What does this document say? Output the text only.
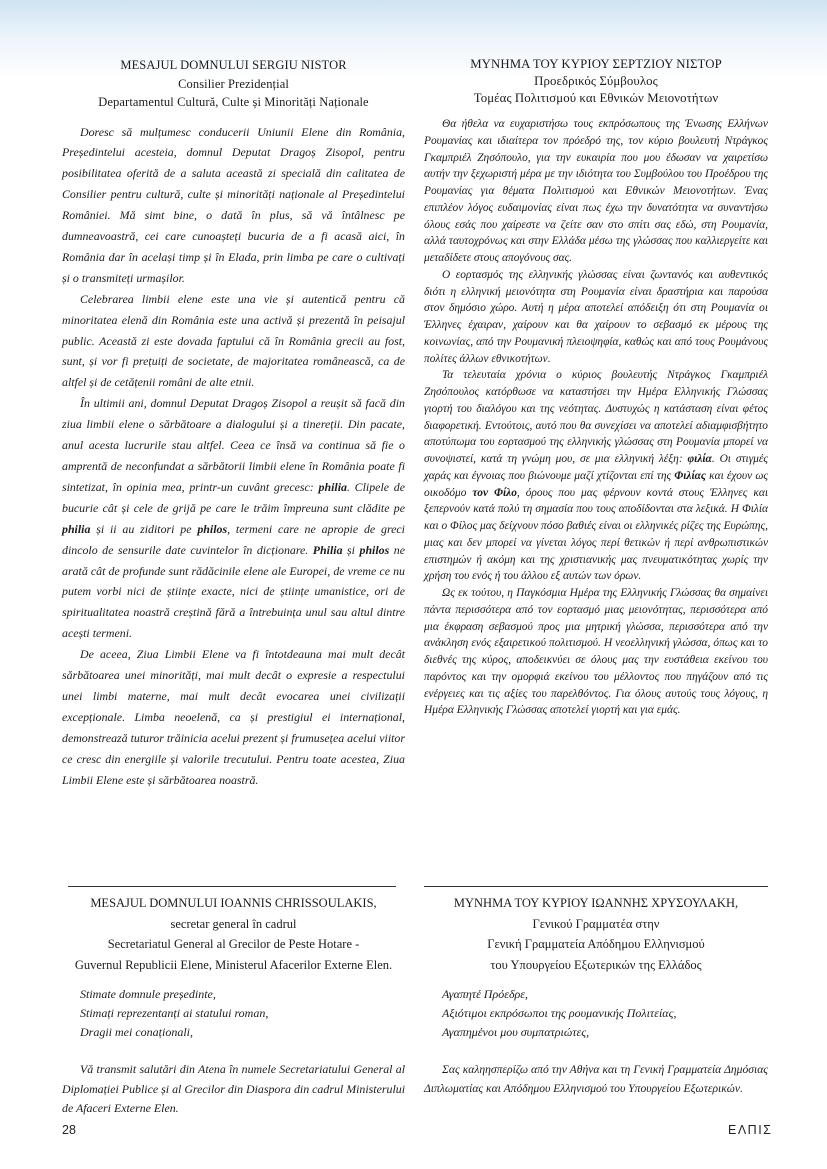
MESAJUL DOMNULUI SERGIU NISTOR
Consilier Prezidențial
Departamentul Cultură, Culte și Minorități Naționale

Doresc să mulțumesc conducerii Uniunii Elene din România, Președintelui acesteia, domnul Deputat Dragoș Zisopol, pentru posibilitatea oferită de a saluta această zi specială din calitatea de Consilier pentru cultură, culte și minorități naționale al Președintelui României. Mă simt bine, o dată în plus, să vă întâlnesc pe dumneavoastră, cei care cunoașteți bucuria de a fi acasă aici, în România dar în același timp și în Elada, prin limba pe care o cultivați și o transmiteți urmașilor.

Celebrarea limbii elene este una vie și autentică pentru că minoritatea elenă din România este una activă și prezentă în peisajul public. Această zi este dovada faptului că în România grecii au fost, sunt, și vor fi prețuiți de societate, de majoritatea românească, ca de altfel și de cetățenii români de alte etnii.

În ultimii ani, domnul Deputat Dragoș Zisopol a reușit să facă din ziua limbii elene o sărbătoare a dialogului și a tinereții. Din pacate, anul acesta lucrurile stau altfel. Ceea ce însă va continua să fie o amprentă de neconfundat a sărbătorii limbii elene în România poate fi sintetizat, în opinia mea, printr-un cuvânt grecesc: philia. Clipele de bucurie cât și cele de grijă pe care le trăim împreuna sunt clădite pe philia și ii au ziditori pe philos, termeni care ne apropie de greci dincolo de sensurile date cuvintelor în dicționare. Philia și philos ne arată cât de profunde sunt rădăcinile elene ale Europei, de vreme ce nu putem vorbi nici de științe exacte, nici de științe umanistice, ori de spiritualitatea noastră creștină fără a întrebuința unul sau altul dintre acești termeni.

De aceea, Ziua Limbii Elene va fi întotdeauna mai mult decât sărbătoarea unei minorități, mai mult decât o expresie a respectului unei limbi materne, mai mult decât evocarea unei civilizații excepționale. Limba neoelenă, ca și prestigiul ei internațional, demonstrează tuturor trăinicia acelui prezent și frumusețea acelui viitor ce cresc din energiile și valorile trecutului. Pentru toate acestea, Ziua Limbii Elene este și sărbătoarea noastră.

ΜΥΝΗΜΑ ΤΟΥ ΚΥΡΙΟΥ ΣΕΡΤΖΙΟΥ ΝΙΣΤΟΡ
Προεδρικός Σύμβουλος
Τομέας Πολιτισμού και Εθνικών Μειονοτήτων

Θα ήθελα να ευχαριστήσω τους εκπρόσωπους της Ένωσης Ελλήνων Ρουμανίας και ιδιαίτερα τον πρόεδρό της, τον κύριο βουλευτή Ντράγκος Γκαμπριέλ Ζησόπουλο, για την ευκαιρία που μου έδωσαν να χαιρετίσω αυτήν την ξεχωριστή μέρα με την ιδιότητα του Συμβούλου του Προέδρου της Ρουμανίας για θέματα Πολιτισμού και Εθνικών Μειονοτήτων. Ένας επιπλέον λόγος ευδαιμονίας είναι πως έχω την δυνατότητα να συναντήσω όλους εσάς που χαίρεστε να ζείτε σαν στο σπίτι σας εδώ, στη Ρουμανία, αλλά ταυτοχρόνως και στην Ελλάδα μέσω της γλώσσας που καλλιεργείτε και μεταδίδετε στους απογόνους σας.

Ο εορτασμός της ελληνικής γλώσσας είναι ζωντανός και αυθεντικός διότι η ελληνική μειονότητα στη Ρουμανία είναι δραστήρια και παρούσα στον δημόσιο χώρο. Αυτή η μέρα αποτελεί απόδειξη ότι στη Ρουμανία οι Έλληνες έχαιραν, χαίρουν και θα χαίρουν το σεβασμό εκ μέρους της κοινωνίας, από την Ρουμανική πλειοψηφία, καθώς και από τους Ρουμάνους πολίτες άλλων εθνικοτήτων.

Τα τελευταία χρόνια ο κύριος βουλευτής Ντράγκος Γκαμπριέλ Ζησόπουλος κατόρθωσε να καταστήσει την Ημέρα Ελληνικής Γλώσσας γιορτή του διαλόγου και της νεότητας. Δυστυχώς η κατάσταση είναι φέτος διαφορετική. Εντούτοις, αυτό που θα συνεχίσει να αποτελεί αδιαμφισβήτητο αποτύπωμα του εορτασμού της ελληνικής γλώσσας στη Ρουμανία μπορεί να συνοψιστεί, κατά τη γνώμη μου, σε μια ελληνική λέξη: φιλία. Οι στιγμές χαράς και έγνοιας που βιώνουμε μαζί χτίζονται επί της Φιλίας και έχουν ως οικοδόμο τον Φίλο, όρους που μας φέρνουν κοντά στους Έλληνες και ξεπερνούν κατά πολύ τη σημασία που τους αποδίδονται στα λεξικά. Η Φιλία και ο Φίλος μας δείχνουν πόσο βαθιές είναι οι ελληνικές ρίζες της Ευρώπης, μιας και δεν μπορεί να γίνεται λόγος περί θετικών ή περί ανθρωπιστικών επιστημών ή ακόμη και της χριστιανικής μας πνευματικότητας χωρίς την χρήση του ενός ή του άλλου εξ αυτών των όρων.

Ως εκ τούτου, η Παγκόσμια Ημέρα της Ελληνικής Γλώσσας θα σημαίνει πάντα περισσότερα από τον εορτασμό μιας μειονότητας, περισσότερα από μια έκφραση σεβασμού προς μια μητρική γλώσσα, περισσότερα από την ανάκληση ενός εξαιρετικού πολιτισμού. Η νεοελληνική γλώσσα, όπως και το διεθνές της κύρος, αποδεικνύει σε όλους μας την ευστάθεια εκείνου του παρόντος και την ομορφιά εκείνου του μέλλοντος που πηγάζουν από τις ενέργειες και τις αξίες του παρελθόντος. Για όλους αυτούς τους λόγους, η Ημέρα Ελληνικής Γλώσσας αποτελεί γιορτή και για εμάς.

MESAJUL DOMNULUI IOANNIS CHRISSOULAKIS,
secretar general în cadrul
Secretariatul General al Grecilor de Peste Hotare -
Guvernul Republicii Elene, Ministerul Afacerilor Externe Elen.
Stimate domnule președinte,
Stimați reprezentanți ai statului roman,
Dragii mei conaționali,

Vă transmit salutări din Atena în numele Secretariatului General al Diplomației Publice și al Grecilor din Diaspora din cadrul Ministerului de Afaceri Externe Elen.

ΜΥΝΗΜΑ ΤΟΥ ΚΥΡΙΟΥ ΙΩΑΝΝΗΣ ΧΡΥΣΟΥΛΑΚΗ,
Γενικού Γραμματέα στην
Γενική Γραμματεία Απόδημου Ελληνισμού
του Υπουργείου Εξωτερικών της Ελλάδος
Αγαπητέ Πρόεδρε,
Αξιότιμοι εκπρόσωποι της ρουμανικής Πολιτείας,
Αγαπημένοι μου συμπατριώτες,

Σας καληησπερίζω από την Αθήνα και τη Γενική Γραμματεία Δημόσιας Διπλωματίας και Απόδημου Ελληνισμού του Υπουργείου Εξωτερικών.

28	ΕΛΠΙΣ
